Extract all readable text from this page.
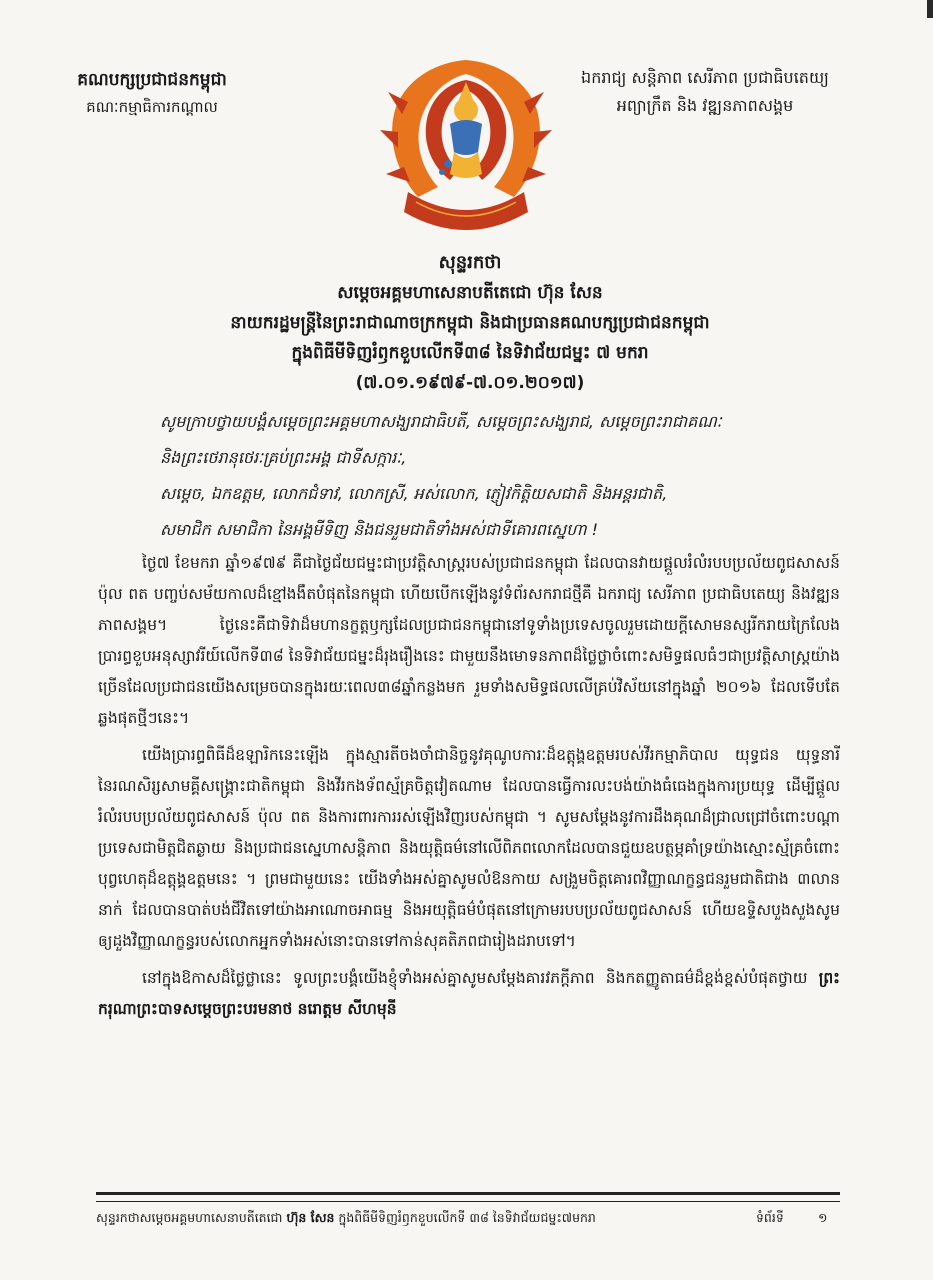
គណបក្សប្រជាជនកម្ពុជា
គណៈកម្មាធិការកណ្ដាល
ឯករាជ្យ សន្តិភាព សេរីភាព ប្រជាធិបតេយ្យ
អព្យាក្រឹត និង វឌ្ឍនភាពសង្គម
សុន្ទរកថា
សម្ដេចអគ្គមហាសេនាបតីតេជោ ហ៊ុន សែន
នាយករដ្ឋមន្ត្រីនៃព្រះរាជាណាចក្រកម្ពុជា និងជាប្រធានគណបក្សប្រជាជនកម្ពុជា
ក្នុងពិធីមីទិញរំឭកខួបលើកទី៣៨ នៃទិវាជ័យជម្នះ ៧ មករា
(៧.០១.១៩៧៩-៧.០១.២០១៧)
សូមក្រាបថ្វាយបង្គំសម្ដេចព្រះអគ្គមហាសង្ឃរាជាធិបតី, សម្ដេចព្រះសង្ឃរាជ, សម្ដេចព្រះរាជាគណៈ
និងព្រះថេរានុថេរៈគ្រប់ព្រះអង្គ ជាទីសក្ការៈ,
សម្ដេច, ឯកឧត្តម, លោកជំទាវ, លោកស្រី, អស់លោក, ភ្ញៀវកិត្តិយសជាតិ និងអន្តរជាតិ,
សមាជិក សមាជិកា នៃអង្គមីទិញ និងជនរួមជាតិទាំងអស់ជាទីគោរពស្នេហា !

ថ្ងៃ៧ ខែមករា ឆ្នាំ១៩៧៩ គឺជាថ្ងៃជ័យជម្នះជាប្រវត្តិសាស្ត្ររបស់ប្រជាជនកម្ពុជា ដែលបានវាយផ្ដួលរំលំរបបប្រល័យពូជសាសន៍ ប៉ុល ពត បញ្ចប់សម័យកាលដ៏ខ្មៅងងឹតបំផុតនៃកម្ពុជា ហើយបើកឡើងនូវទំព័រសករាជថ្មីគឺ ឯករាជ្យ សេរីភាព ប្រជាធិបតេយ្យ និងវឌ្ឍនភាពសង្គម។ ថ្ងៃនេះគឺជាទិវាដ៏មហានក្ខត្តឫក្សដែលប្រជាជនកម្ពុជានៅទូទាំងប្រទេសចូលរួមដោយក្ដីសោមនស្សរីករាយក្រៃលែង ប្រារព្ធខួបអនុស្សាវរីយ៍លើកទី៣៨ នៃទិវាជ័យជម្នះដ៏រុងរឿងនេះ ជាមួយនឹងមោទនភាពដ៏ថ្លៃថ្លាចំពោះសមិទ្ធផលធំៗជាប្រវត្តិសាស្ត្រយ៉ាងច្រើនដែលប្រជាជនយើងសម្រេចបានក្នុងរយៈពេល៣៨ឆ្នាំកន្លងមក រួមទាំងសមិទ្ធផលលើគ្រប់វិស័យនៅក្នុងឆ្នាំ ២០១៦ ដែលទើបតែឆ្លងផុតថ្មីៗនេះ។

យើងប្រារព្ធពិធីដ៏ឧឡារិកនេះឡើង ក្នុងស្មារតីចងចាំជានិច្ចនូវគុណូបការៈដ៏ឧត្តុង្គឧត្តមរបស់វីរកម្មាភិបាល យុទ្ធជន យុទ្ធនារី នៃរណសិរ្សសាមគ្គីសង្គ្រោះជាតិកម្ពុជា និងវីរកងទ័ពស្ម័គ្រចិត្តវៀតណាម ដែលបានធ្វើការលះបង់យ៉ាងធំធេងក្នុងការប្រយុទ្ធ ដើម្បីផ្ដួលរំលំរបបប្រល័យពូជសាសន៍ ប៉ុល ពត និងការពារការរស់ឡើងវិញរបស់កម្ពុជា ។ សូមសម្ដែងនូវការដឹងគុណដ៏ជ្រាលជ្រៅចំពោះបណ្ដាប្រទេសជាមិត្តជិតឆ្ងាយ និងប្រជាជនស្នេហាសន្តិភាព និងយុត្តិធម៌នៅលើពិភពលោកដែលបានជួយឧបត្ថម្ភគាំទ្រយ៉ាងស្មោះស្ម័គ្រចំពោះបុព្វហេតុដ៏ឧត្តុង្គឧត្តមនេះ ។ ព្រមជាមួយនេះ យើងទាំងអស់គ្នាសូមលំឱនកាយ សង្រួមចិត្តគោរពវិញ្ញាណក្ខន្ធជនរួមជាតិជាង ៣លាននាក់ ដែលបានបាត់បង់ជីវិតទៅយ៉ាងអាណោចអាធម្ម និងអយុត្តិធម៌បំផុតនៅក្រោមរបបប្រល័យពូជសាសន៍ ហើយឧទ្ទិសបួងសួងសូមឲ្យដួងវិញ្ញាណក្ខន្ធរបស់លោកអ្នកទាំងអស់នោះបានទៅកាន់សុគតិភពជារៀងដរាបទៅ។

នៅក្នុងឱកាសដ៏ថ្លៃថ្លានេះ ទូលព្រះបង្គំយើងខ្ញុំទាំងអស់គ្នាសូមសម្ដែងគារវភក្តីភាព និងកតញ្ញូតាធម៌ដ៏ខ្ពង់ខ្ពស់បំផុតថ្វាយ ព្រះករុណាព្រះបាទសម្ដេចព្រះបរមនាថ នរោត្តម សីហមុនី

សុន្ទរកថាសម្ដេចអគ្គមហាសេនាបតីតេជោ ហ៊ុន សែន ក្នុងពិធីមីទិញរំឭកខួបលើកទី ៣៨ នៃទិវាជ័យជម្នះ៧មករា	ទំព័រទី	១
